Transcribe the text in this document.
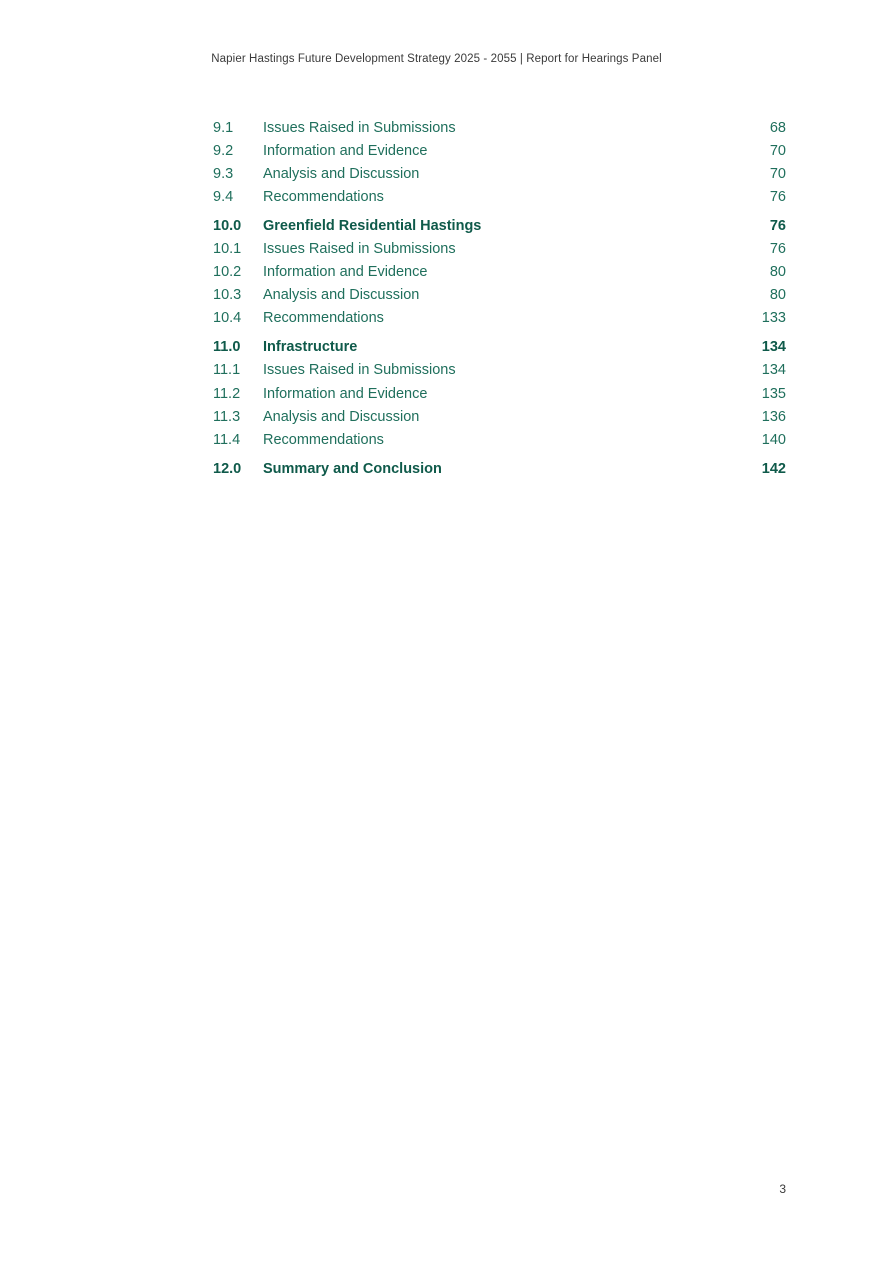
Napier Hastings Future Development Strategy 2025 - 2055 | Report for Hearings Panel
9.1	Issues Raised in Submissions	68
9.2	Information and Evidence	70
9.3	Analysis and Discussion	70
9.4	Recommendations	76
10.0	Greenfield Residential Hastings	76
10.1	Issues Raised in Submissions	76
10.2	Information and Evidence	80
10.3	Analysis and Discussion	80
10.4	Recommendations	133
11.0	Infrastructure	134
11.1	Issues Raised in Submissions	134
11.2	Information and Evidence	135
11.3	Analysis and Discussion	136
11.4	Recommendations	140
12.0	Summary and Conclusion	142
3
